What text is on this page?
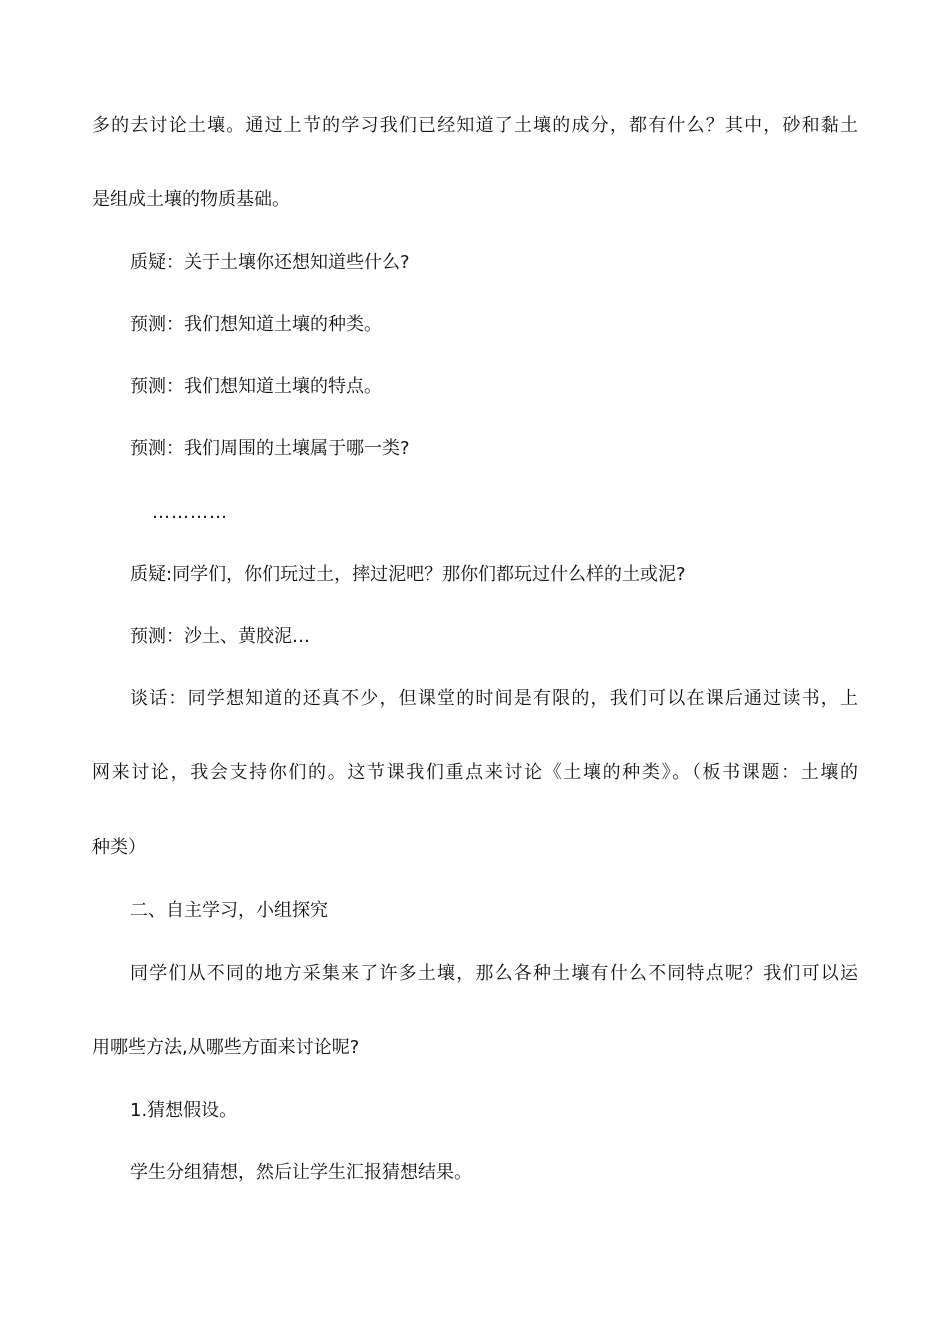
多的去讨论土壤。通过上节的学习我们已经知道了土壤的成分，都有什么？其中，砂和黏土
是组成土壤的物质基础。
质疑：关于土壤你还想知道些什么?
预测：我们想知道土壤的种类。
预测：我们想知道土壤的特点。
预测：我们周围的土壤属于哪一类?
…………
质疑:同学们，你们玩过土，摔过泥吧？那你们都玩过什么样的土或泥?
预测：沙土、黄胶泥…
谈话：同学想知道的还真不少，但课堂的时间是有限的，我们可以在课后通过读书，上
网来讨论，我会支持你们的。这节课我们重点来讨论《土壤的种类》。（板书课题：土壤的
种类）
二、自主学习，小组探究
同学们从不同的地方采集来了许多土壤，那么各种土壤有什么不同特点呢？我们可以运
用哪些方法,从哪些方面来讨论呢?
1.猜想假设。
学生分组猜想，然后让学生汇报猜想结果。
